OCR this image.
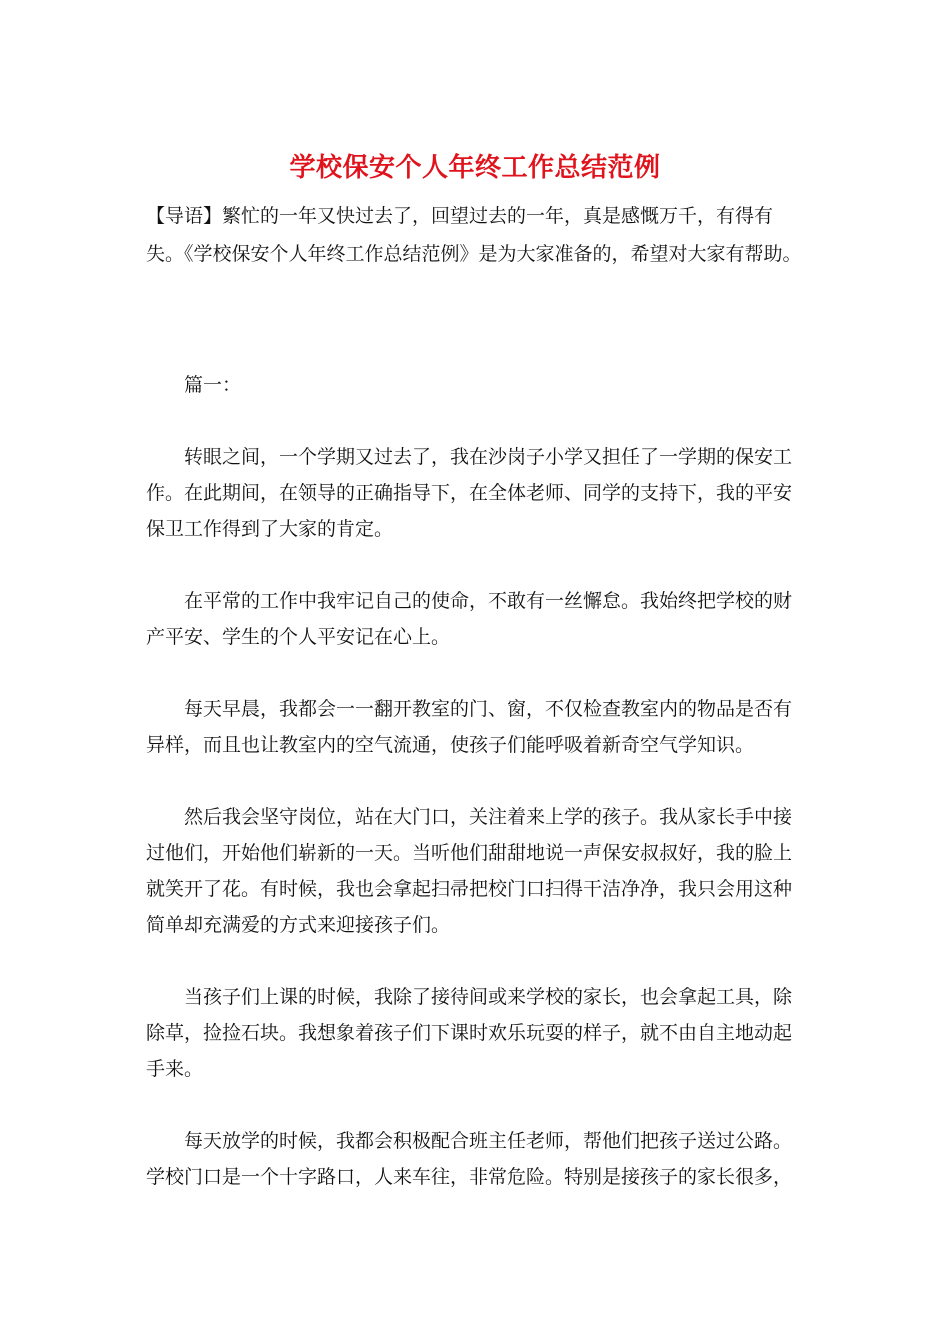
学校保安个人年终工作总结范例

【导语】繁忙的一年又快过去了，回望过去的一年，真是感慨万千，有得有失。《学校保安个人年终工作总结范例》是为大家准备的，希望对大家有帮助。

篇一：

转眼之间，一个学期又过去了，我在沙岗子小学又担任了一学期的保安工作。在此期间，在领导的正确指导下，在全体老师、同学的支持下，我的平安保卫工作得到了大家的肯定。

在平常的工作中我牢记自己的使命，不敢有一丝懈怠。我始终把学校的财产平安、学生的个人平安记在心上。

每天早晨，我都会一一翻开教室的门、窗，不仅检查教室内的物品是否有异样，而且也让教室内的空气流通，使孩子们能呼吸着新奇空气学知识。

然后我会坚守岗位，站在大门口，关注着来上学的孩子。我从家长手中接过他们，开始他们崭新的一天。当听他们甜甜地说一声保安叔叔好，我的脸上就笑开了花。有时候，我也会拿起扫帚把校门口扫得干洁净净，我只会用这种简单却充满爱的方式来迎接孩子们。

当孩子们上课的时候，我除了接待间或来学校的家长，也会拿起工具，除除草，捡捡石块。我想象着孩子们下课时欢乐玩耍的样子，就不由自主地动起手来。

每天放学的时候，我都会积极配合班主任老师，帮他们把孩子送过公路。学校门口是一个十字路口，人来车往，非常危险。特别是接孩子的家长很多，
